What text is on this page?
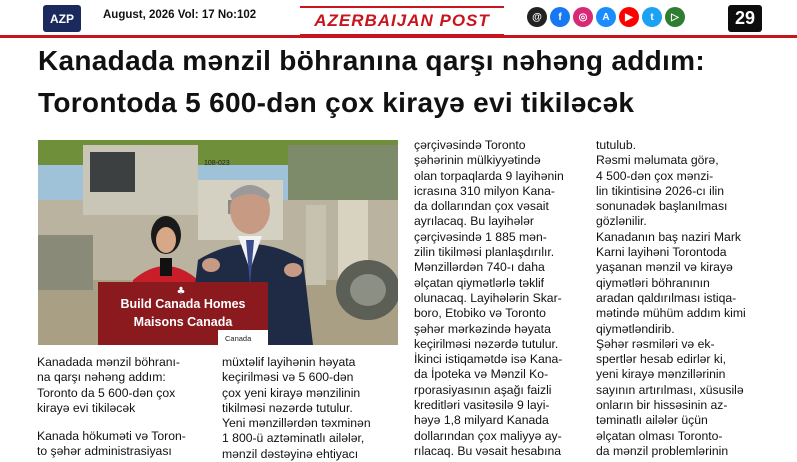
AZP	August, 2026 Vol: 17 No:102	AZERBAIJAN POST	@	f	◎	A	▶	t	▷	29
Kanadada mənzil böhranına qarşı nəhəng addım:
Torontoda 5 600-dən çox kirayə evi tikiləcək
108-023
Build Canada Homes
Maisons Canada
Canada
♣

Kanadada mənzil böhranı-

na qarşı nəhəng addım:

Toronto da 5 600-dən çox

kirayə evi tikiləcək

Kanada hökuməti və Toron-

to şəhər administrasiyası

müxtəlif layihənin həyata

keçirilməsi və 5 600-dən

çox yeni kirayə mənzilinin

tikilməsi nəzərdə tutulur.

Yeni mənzillərdən təxminən

1 800-ü aztəminatlı ailələr,

mənzil dəstəyinə ehtiyacı

çərçivəsində Toronto

şəhərinin mülkiyyətində

olan torpaqlarda 9 layihənin

icrasına 310 milyon Kana-

da dollarından çox vəsait

ayrılacaq. Bu layihələr

çərçivəsində 1 885 mən-

zilin tikilməsi planlaşdırılır.

Mənzillərdən 740-ı daha

əlçatan qiymətlərlə təklif

olunacaq. Layihələrin Skar-

boro, Etobiko və Toronto

şəhər mərkəzində həyata

keçirilməsi nəzərdə tutulur.

İkinci istiqamətdə isə Kana-

da İpoteka və Mənzil Ko-

rporasiyasının aşağı faizli

kreditləri vasitəsilə 9 layi-

həyə 1,8 milyard Kanada

dollarından çox maliyyə ay-

rılacaq. Bu vəsait hesabına

tutulub.

Rəsmi məlumata görə,

4 500-dən çox mənzi-

lin tikintisinə 2026-cı ilin

sonunadək başlanılması

gözlənilir.

Kanadanın baş naziri Mark

Karni layihəni Torontoda

yaşanan mənzil və kirayə

qiymətləri böhranının

aradan qaldırılması istiqa-

mətində mühüm addım kimi

qiymətləndirib.

Şəhər rəsmiləri və ek-

spertlər hesab edirlər ki,

yeni kirayə mənzillərinin

sayının artırılması, xüsusilə

onların bir hissəsinin az-

təminatlı ailələr üçün

əlçatan olması Toronto-

da mənzil problemlərinin
